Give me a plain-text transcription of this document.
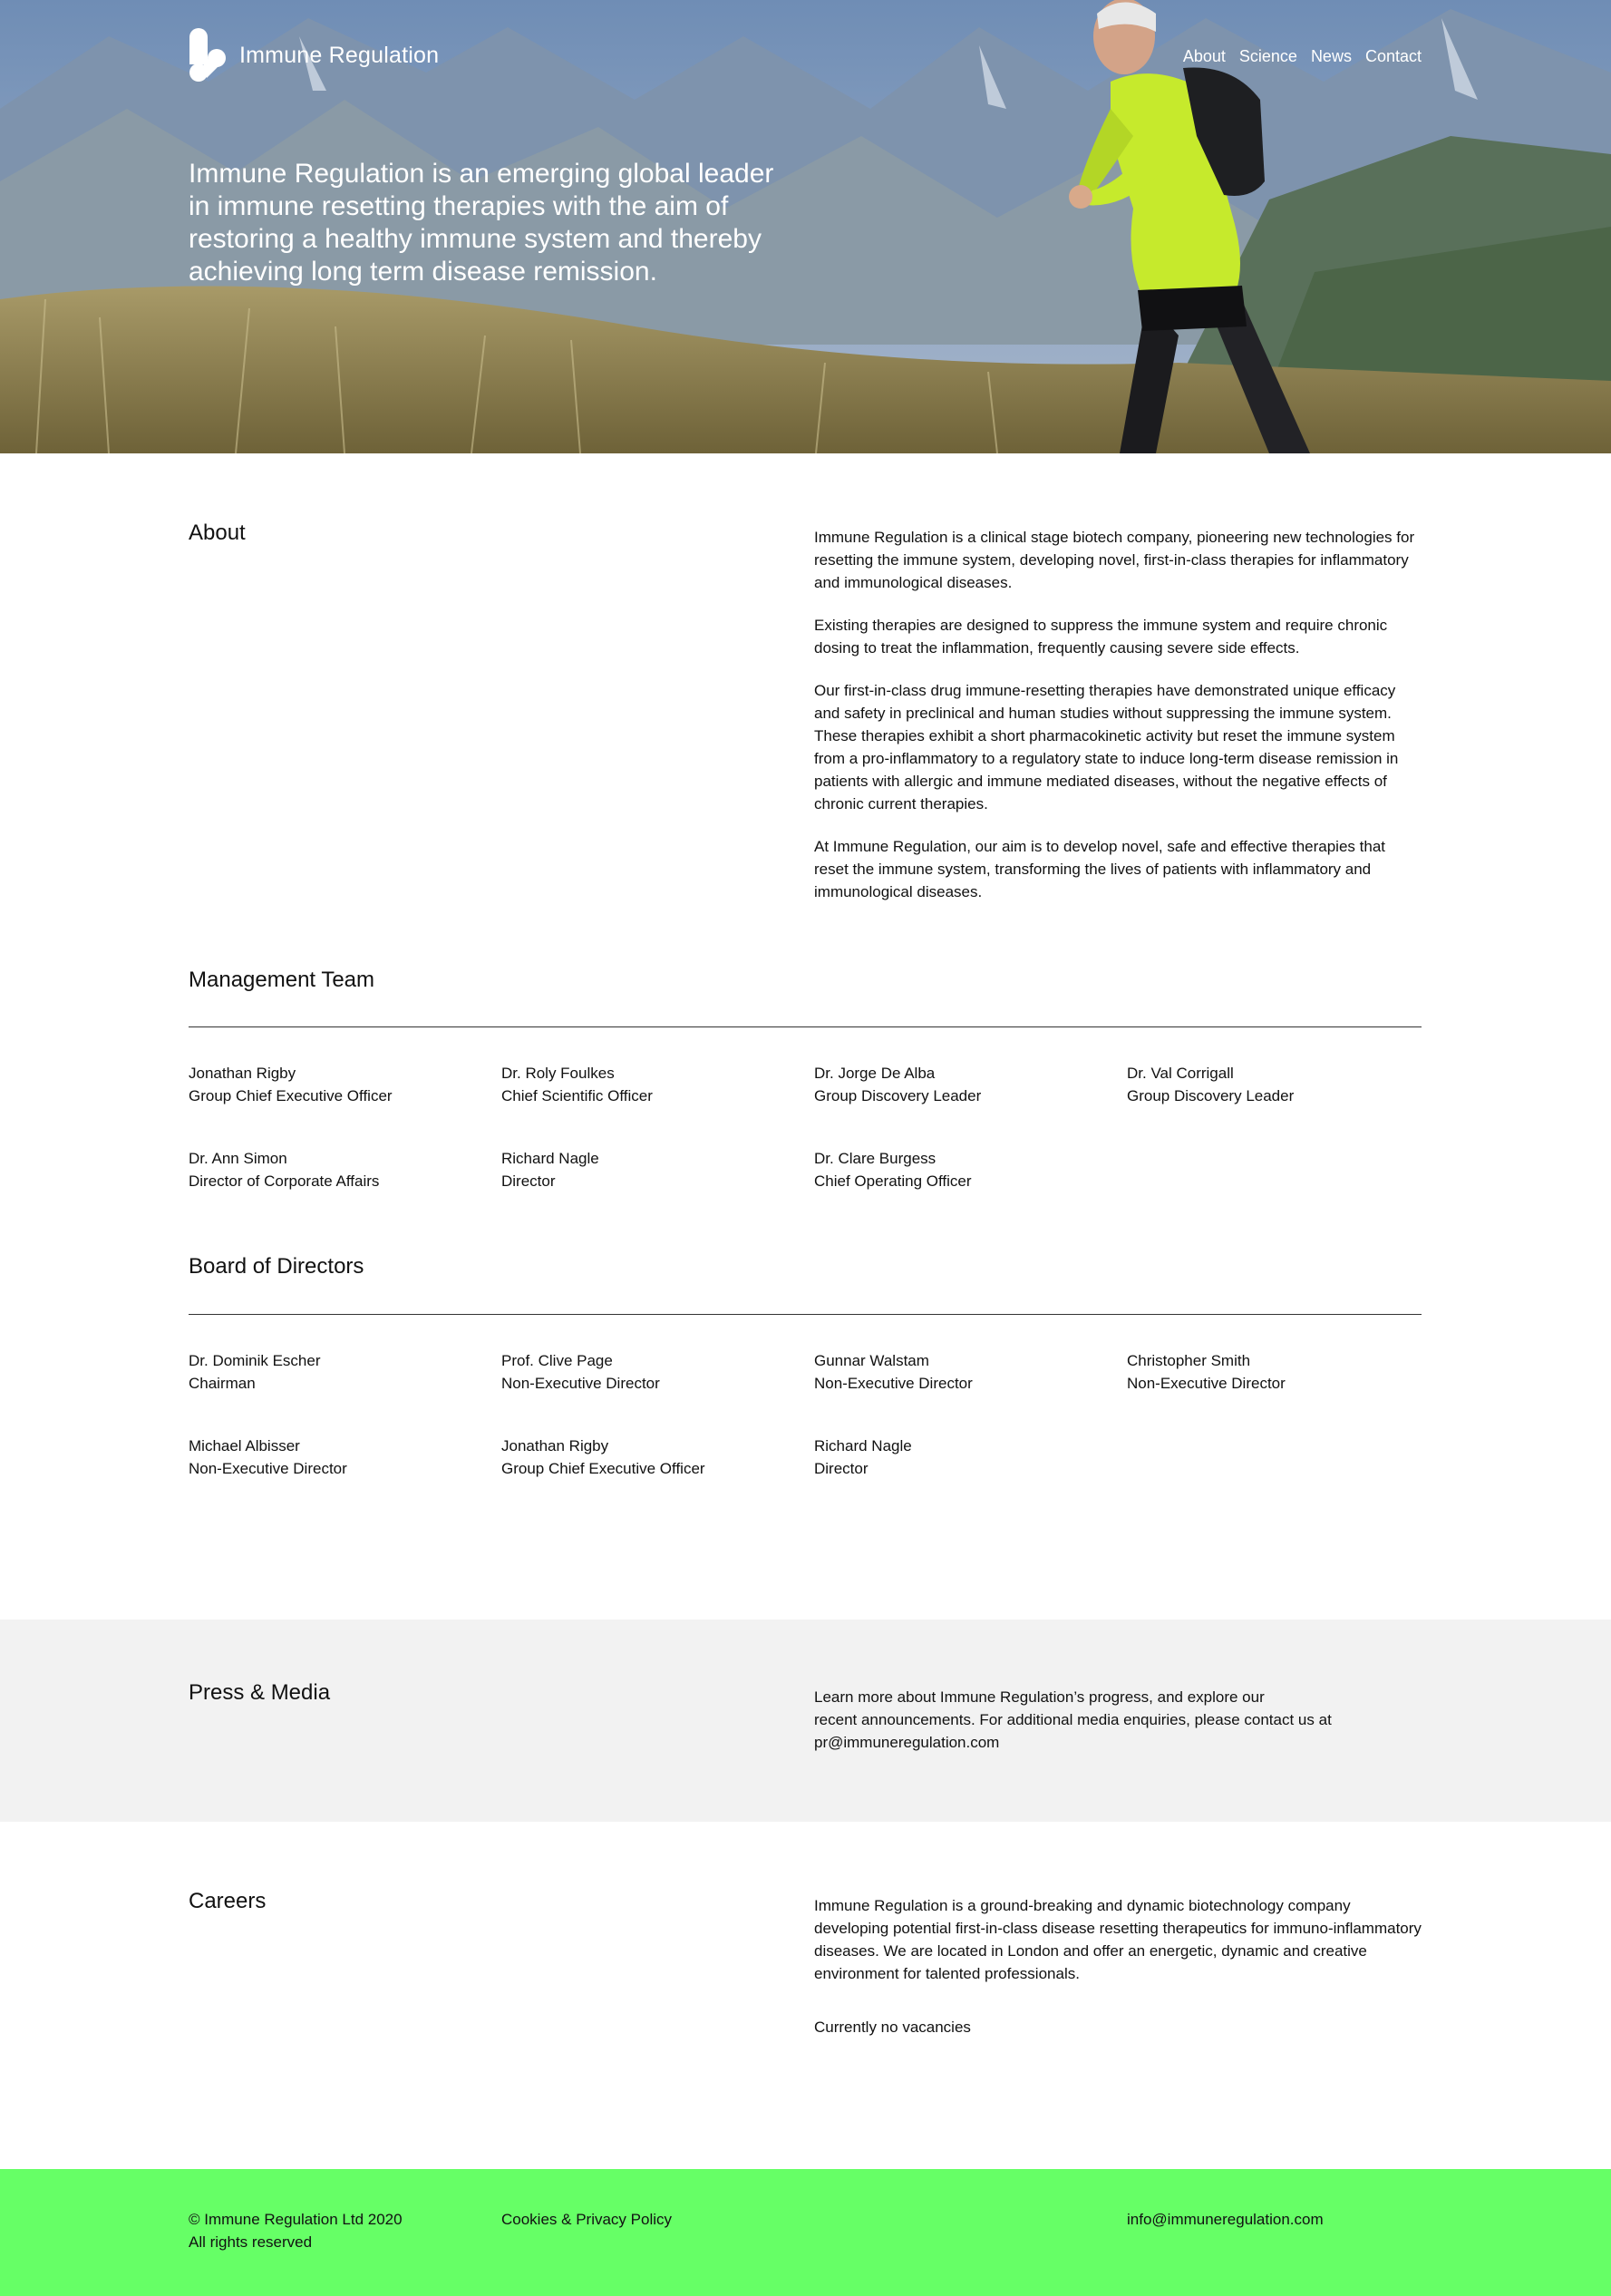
Immune Regulation	About Science News Contact
Immune Regulation is an emerging global leader in immune resetting therapies with the aim of restoring a healthy immune system and thereby achieving long term disease remission.
About	Immune Regulation is a clinical stage biotech company, pioneering new technologies for resetting the immune system, developing novel, first-in-class therapies for inflammatory and immunological diseases.

Existing therapies are designed to suppress the immune system and require chronic dosing to treat the inflammation, frequently causing severe side effects.

Our first-in-class drug immune-resetting therapies have demonstrated unique efficacy and safety in preclinical and human studies without suppressing the immune system. These therapies exhibit a short pharmacokinetic activity but reset the immune system from a pro-inflammatory to a regulatory state to induce long-term disease remission in patients with allergic and immune mediated diseases, without the negative effects of chronic current therapies.

At Immune Regulation, our aim is to develop novel, safe and effective therapies that reset the immune system, transforming the lives of patients with inflammatory and immunological diseases.

Management Team
Jonathan Rigby
Group Chief Executive Officer
Dr. Roly Foulkes
Chief Scientific Officer
Dr. Jorge De Alba
Group Discovery Leader
Dr. Val Corrigall
Group Discovery Leader
Dr. Ann Simon
Director of Corporate Affairs
Richard Nagle
Director
Dr. Clare Burgess
Chief Operating Officer
Board of Directors
Dr. Dominik Escher
Chairman
Prof. Clive Page
Non-Executive Director
Gunnar Walstam
Non-Executive Director
Christopher Smith
Non-Executive Director
Michael Albisser
Non-Executive Director
Jonathan Rigby
Group Chief Executive Officer
Richard Nagle
Director
Press & Media	Learn more about Immune Regulation’s progress, and explore our
recent announcements. For additional media enquiries, please contact us at
pr@immuneregulation.com
Careers	Immune Regulation is a ground-breaking and dynamic biotechnology company developing potential first-in-class disease resetting therapeutics for immuno-inflammatory diseases. We are located in London and offer an energetic, dynamic and creative environment for talented professionals.

Currently no vacancies

© Immune Regulation Ltd 2020
All rights reserved
Cookies & Privacy Policy	info@immuneregulation.com
